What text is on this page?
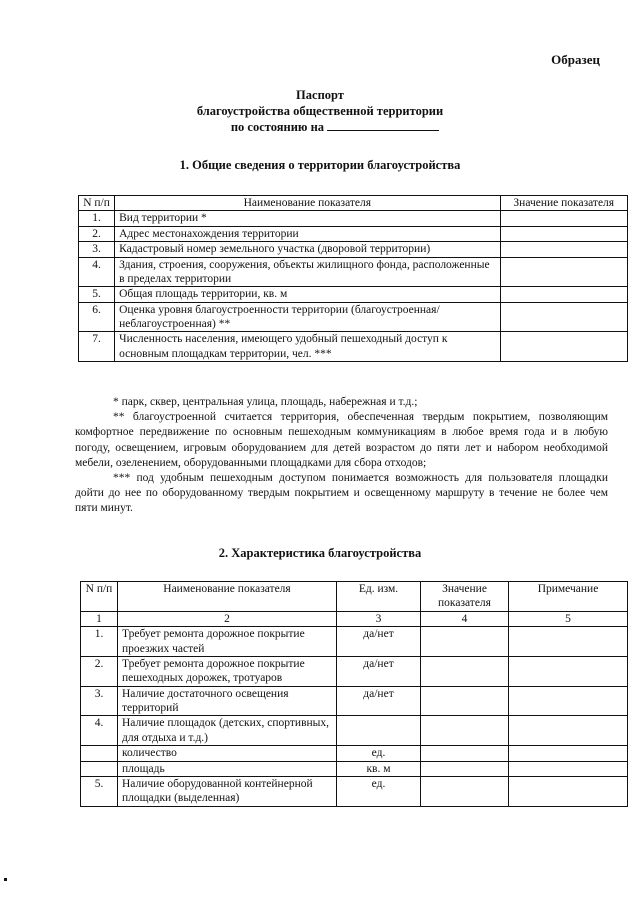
Образец
Паспорт
благоустройства общественной территории
по состоянию на
1. Общие сведения о территории благоустройства
N п/п	Наименование показателя	Значение показателя
1.	Вид территории *	
2.	Адрес местонахождения территории	
3.	Кадастровый номер земельного участка (дворовой территории)	
4.	Здания, строения, сооружения, объекты жилищного фонда, расположенные в пределах территории	
5.	Общая площадь территории, кв. м	
6.	Оценка уровня благоустроенности территории (благоустроенная/ неблагоустроенная) **	
7.	Численность населения, имеющего удобный пешеходный доступ к основным площадкам территории, чел. ***	

* парк, сквер, центральная улица, площадь, набережная и т.д.;

** благоустроенной считается территория, обеспеченная твердым покрытием, позволяющим комфортное передвижение по основным пешеходным коммуникациям в любое время года и в любую погоду, освещением, игровым оборудованием для детей возрастом до пяти лет и набором необходимой мебели, озеленением, оборудованными площадками для сбора отходов;

*** под удобным пешеходным доступом понимается возможность для пользователя площадки дойти до нее по оборудованному твердым покрытием и освещенному маршруту в течение не более чем пяти минут.

2. Характеристика благоустройства
N п/п	Наименование показателя	Ед. изм.	Значение показателя	Примечание
1	2	3	4	5
1.	Требует ремонта дорожное покрытие проезжих частей	да/нет		
2.	Требует ремонта дорожное покрытие пешеходных дорожек, тротуаров	да/нет		
3.	Наличие достаточного освещения территорий	да/нет		
4.	Наличие площадок (детских, спортивных, для отдыха и т.д.)			
	количество	ед.		
	площадь	кв. м		
5.	Наличие оборудованной контейнерной площадки (выделенная)	ед.		
